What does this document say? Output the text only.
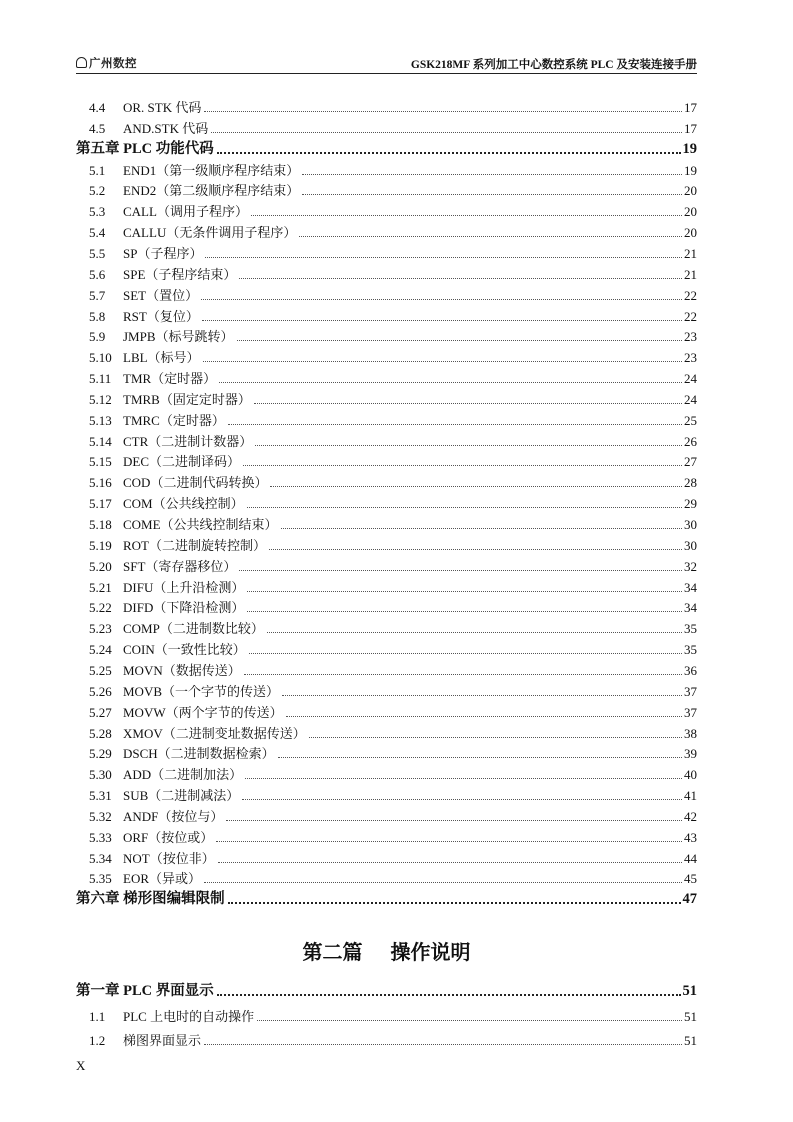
广州数控	GSK218MF 系列加工中心数控系统 PLC 及安装连接手册
4.4	OR. STK 代码	17
4.5	AND.STK 代码	17
第五章 PLC 功能代码	19
5.1	END1（第一级顺序程序结束）	19
5.2	END2（第二级顺序程序结束）	20
5.3	CALL（调用子程序）	20
5.4	CALLU（无条件调用子程序）	20
5.5	SP（子程序）	21
5.6	SPE（子程序结束）	21
5.7	SET（置位）	22
5.8	RST（复位）	22
5.9	JMPB（标号跳转）	23
5.10 LBL（标号）	23
5.11 TMR（定时器）	24
5.12 TMRB（固定定时器）	24
5.13 TMRC（定时器）	25
5.14 CTR（二进制计数器）	26
5.15 DEC（二进制译码）	27
5.16 COD（二进制代码转换）	28
5.17 COM（公共线控制）	29
5.18 COME（公共线控制结束）	30
5.19 ROT（二进制旋转控制）	30
5.20 SFT（寄存器移位）	32
5.21 DIFU（上升沿检测）	34
5.22 DIFD（下降沿检测）	34
5.23 COMP（二进制数比较）	35
5.24 COIN（一致性比较）	35
5.25 MOVN（数据传送）	36
5.26 MOVB（一个字节的传送）	37
5.27 MOVW（两个字节的传送）	37
5.28 XMOV（二进制变址数据传送）	38
5.29 DSCH（二进制数据检索）	39
5.30 ADD（二进制加法）	40
5.31 SUB（二进制减法）	41
5.32 ANDF（按位与）	42
5.33 ORF（按位或）	43
5.34 NOT（按位非）	44
5.35 EOR（异或）	45
第六章 梯形图编辑限制	47
第二篇 操作说明
第一章 PLC 界面显示	51
1.1	PLC 上电时的自动操作	51
1.2	梯图界面显示	51
X
